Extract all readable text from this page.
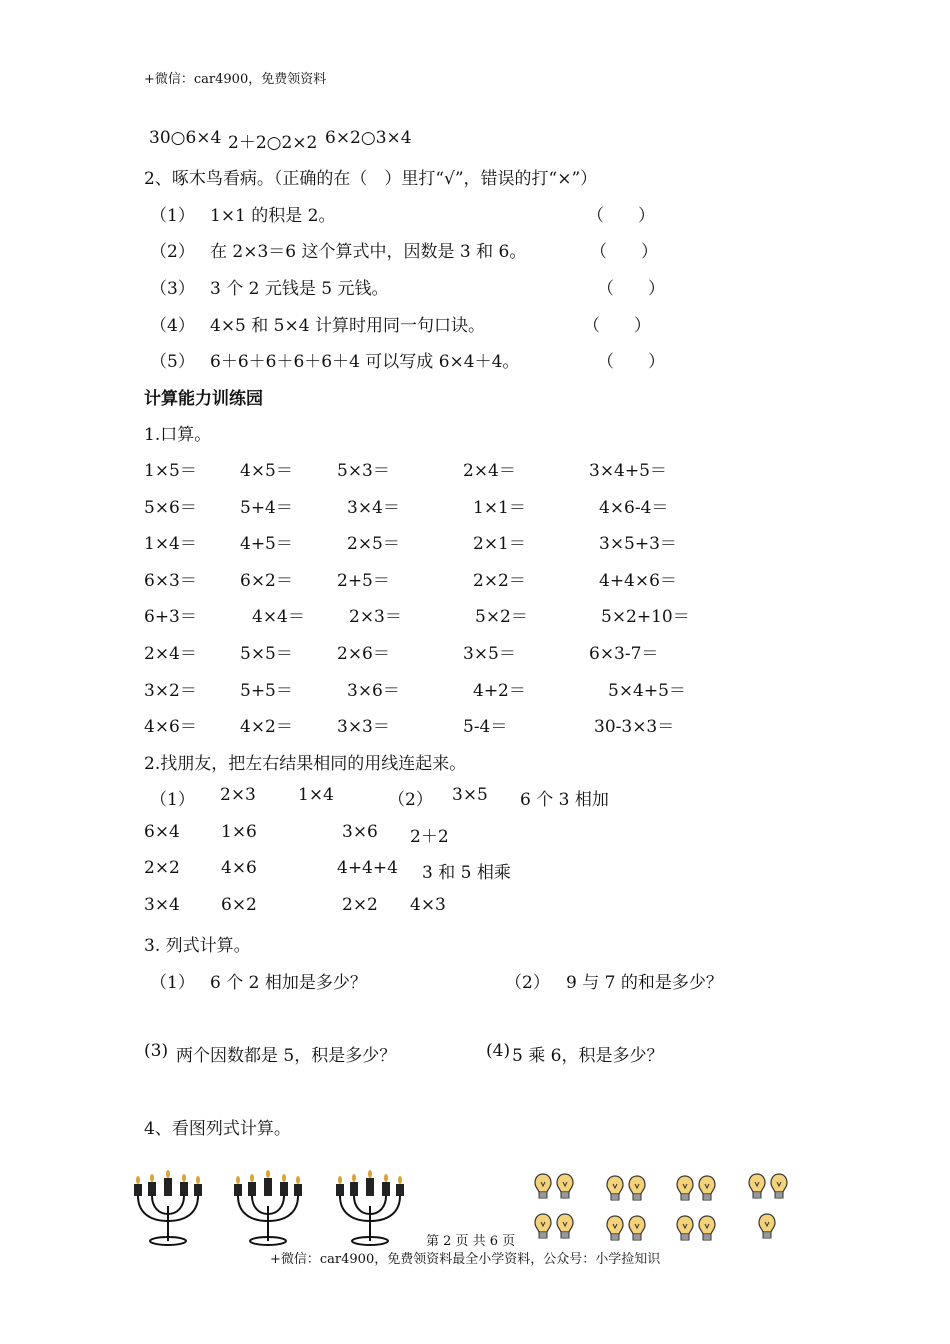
+微信：car4900，免费领资料
30○6×4 2＋2○2×2 6×2○3×4
2、啄木鸟看病。（正确的在（　）里打“√”，错误的打“×”）
（1） 1×1 的积是 2。	（　　）
（2） 在 2×3＝6 这个算式中，因数是 3 和 6。	（　　）
（3） 3 个 2 元钱是 5 元钱。	（　　）
（4） 4×5 和 5×4 计算时用同一句口诀。	（　　）
（5） 6＋6＋6＋6＋6＋4 可以写成 6×4＋4。	（　　）
计算能力训练园
1.口算。
1×5＝	4×5＝	5×3＝	2×4＝	3×4+5＝
5×6＝	5+4＝	3×4＝	1×1＝	4×6-4＝
1×4＝	4+5＝	2×5＝	2×1＝	3×5+3＝
6×3＝	6×2＝	2+5＝	2×2＝	4+4×6＝
6+3＝	4×4＝	2×3＝	5×2＝	5×2+10＝
2×4＝	5×5＝	2×6＝	3×5＝	6×3-7＝
3×2＝	5+5＝	3×6＝	4+2＝	5×4+5＝
4×6＝	4×2＝	3×3＝	5-4＝	30-3×3＝
2.找朋友，把左右结果相同的用线连起来。
（1） 2×3 1×4	（2） 3×5 6 个 3 相加
6×4 1×6	3×6 2＋2
2×2 4×6	4+4+4 3 和 5 相乘
3×4 6×2	2×2 4×3
3. 列式计算。
（1） 6 个 2 相加是多少？	（2） 9 与 7 的和是多少？
(3) 两个因数都是 5，积是多少？	(4) 5 乘 6，积是多少？
4、看图列式计算。
第 2 页 共 6 页
+微信：car4900，免费领资料最全小学资料，公众号：小学捡知识
